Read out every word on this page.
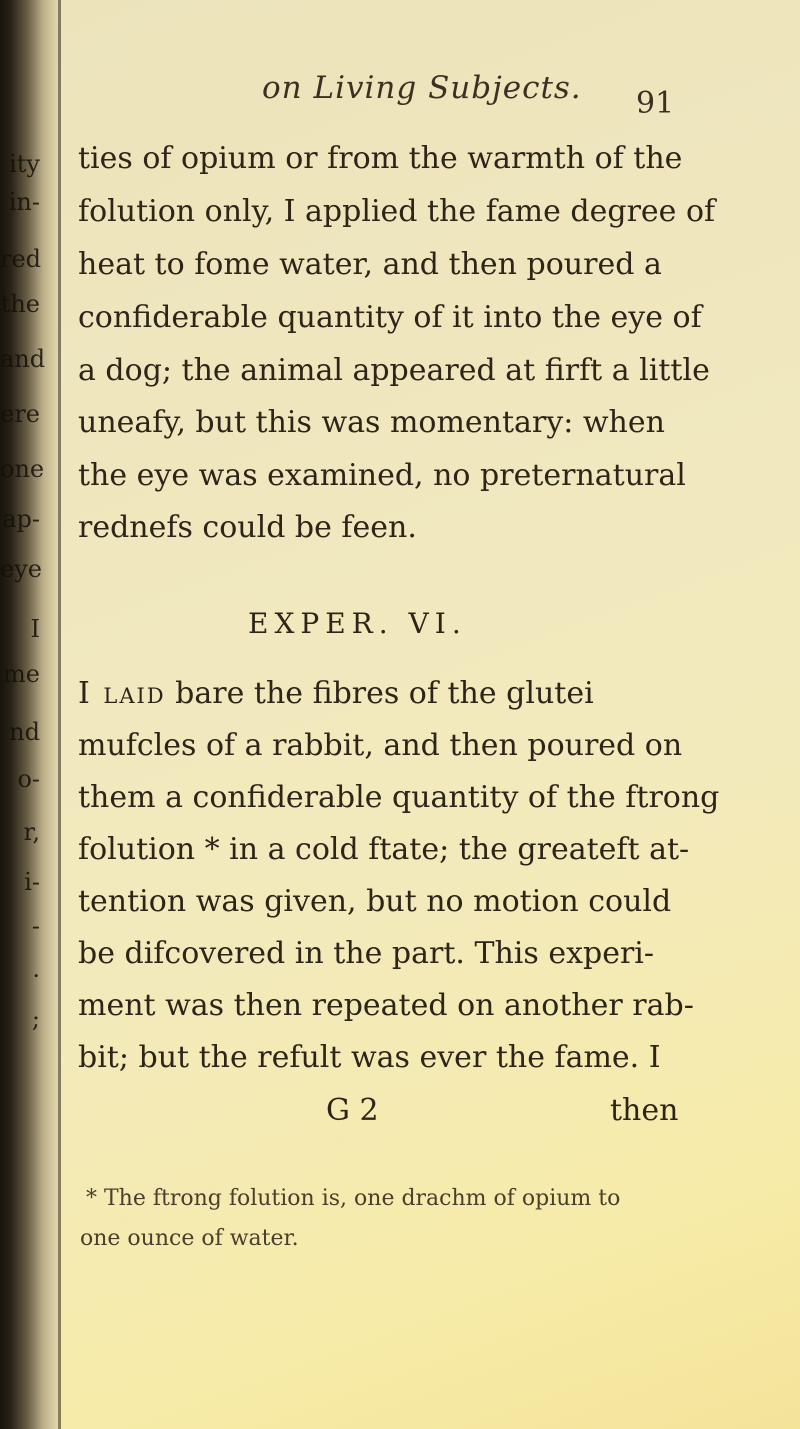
ity
in-
red
the
and
ere
one
ap-
eye
I
me
nd
o-
r,
i-
-
.
;
on Living Subjects. 91
ties of opium or from the warmth of the
folution only, I applied the fame degree of
heat to fome water, and then poured a
confiderable quantity of it into the eye of
a dog; the animal appeared at firft a little
uneafy, but this was momentary: when
the eye was examined, no preternatural
rednefs could be feen.
EXPER. VI.
I laid bare the fibres of the glutei
mufcles of a rabbit, and then poured on
them a confiderable quantity of the ftrong
folution * in a cold ftate; the greateft at-
tention was given, but no motion could
be difcovered in the part. This experi-
ment was then repeated on another rab-
bit; but the refult was ever the fame. I
G 2	then
* The ftrong folution is, one drachm of opium to
one ounce of water.
